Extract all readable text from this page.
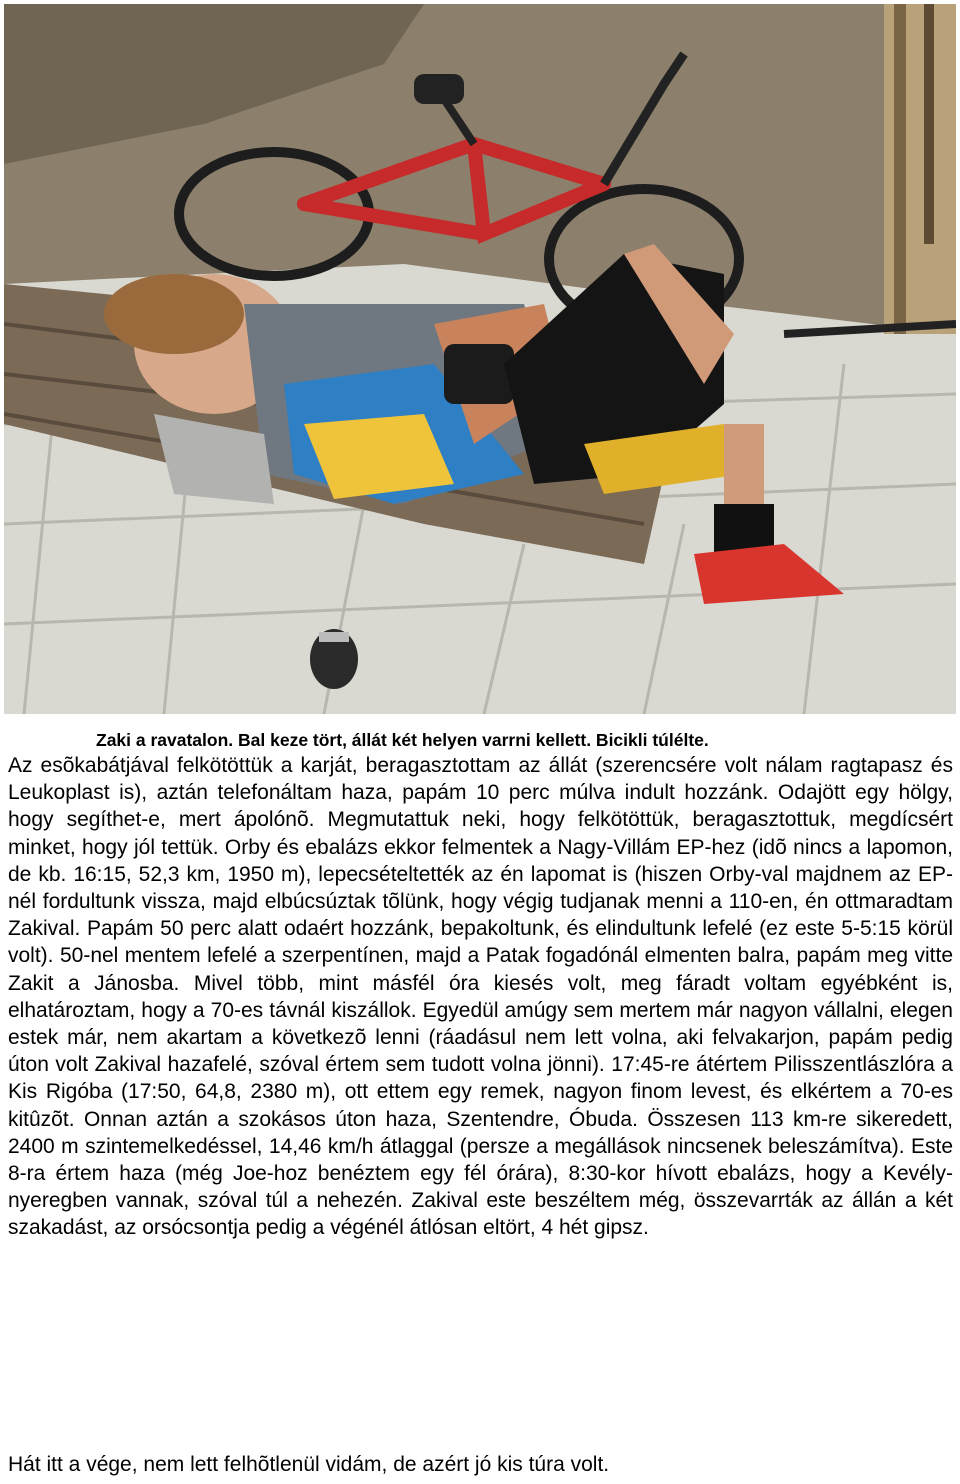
Zaki a ravatalon. Bal keze tört, állát két helyen varrni kellett. Bicikli túlélte.

Az esõkabátjával felkötöttük a karját, beragasztottam az állát (szerencsére volt nálam ragtapasz és Leukoplast is), aztán telefonáltam haza, papám 10 perc múlva indult hozzánk. Odajött egy hölgy, hogy segíthet-e, mert ápolónõ. Megmutattuk neki, hogy felkötöttük, beragasztottuk, megdícsért minket, hogy jól tettük. Orby és ebalázs ekkor felmentek a Nagy-Villám EP-hez (idõ nincs a lapomon, de kb. 16:15, 52,3 km, 1950 m), lepecsételtették az én lapomat is (hiszen Orby-val majdnem az EP-nél fordultunk vissza, majd elbúcsúztak tõlünk, hogy végig tudjanak menni a 110-en, én ottmaradtam Zakival. Papám 50 perc alatt odaért hozzánk, bepakoltunk, és elindultunk lefelé (ez este 5-5:15 körül volt). 50-nel mentem lefelé a szerpentínen, majd a Patak fogadónál elmenten balra, papám meg vitte Zakit a Jánosba. Mivel több, mint másfél óra kiesés volt, meg fáradt voltam egyébként is, elhatároztam, hogy a 70-es távnál kiszállok. Egyedül amúgy sem mertem már nagyon vállalni, elegen estek már, nem akartam a következõ lenni (ráadásul nem lett volna, aki felvakarjon, papám pedig úton volt Zakival hazafelé, szóval értem sem tudott volna jönni). 17:45-re átértem Pilisszentlászlóra a Kis Rigóba (17:50, 64,8, 2380 m), ott ettem egy remek, nagyon finom levest, és elkértem a 70-es kitûzõt. Onnan aztán a szokásos úton haza, Szentendre, Óbuda. Összesen 113 km-re sikeredett, 2400 m szintemelkedéssel, 14,46 km/h átlaggal (persze a megállások nincsenek beleszámítva). Este 8-ra értem haza (még Joe-hoz benéztem egy fél órára), 8:30-kor hívott ebalázs, hogy a Kevély-nyeregben vannak, szóval túl a nehezén. Zakival este beszéltem még, összevarrták az állán a két szakadást, az orsócsontja pedig a végénél átlósan eltört, 4 hét gipsz.

Hát itt a vége, nem lett felhõtlenül vidám, de azért jó kis túra volt.
